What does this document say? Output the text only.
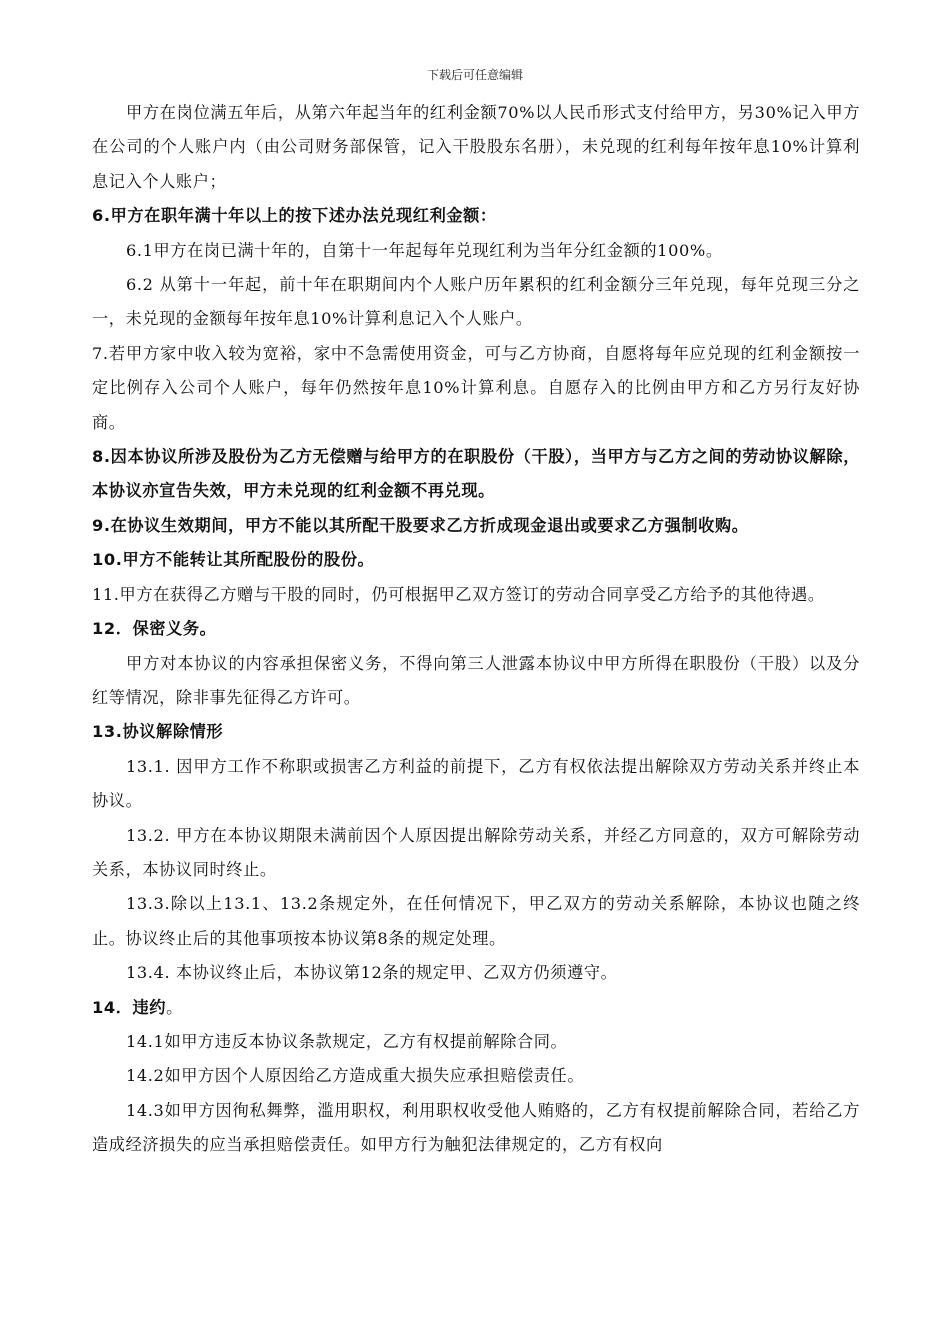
下载后可任意编辑

甲方在岗位满五年后，从第六年起当年的红利金额70%以人民币形式支付给甲方，另30%记入甲方在公司的个人账户内（由公司财务部保管，记入干股股东名册），未兑现的红利每年按年息10%计算利息记入个人账户；

6.甲方在职年满十年以上的按下述办法兑现红利金额：

6.1甲方在岗已满十年的，自第十一年起每年兑现红利为当年分红金额的100%。

6.2 从第十一年起，前十年在职期间内个人账户历年累积的红利金额分三年兑现，每年兑现三分之一，未兑现的金额每年按年息10%计算利息记入个人账户。

7.若甲方家中收入较为宽裕，家中不急需使用资金，可与乙方协商，自愿将每年应兑现的红利金额按一定比例存入公司个人账户，每年仍然按年息10%计算利息。自愿存入的比例由甲方和乙方另行友好协商。

8.因本协议所涉及股份为乙方无偿赠与给甲方的在职股份（干股），当甲方与乙方之间的劳动协议解除，本协议亦宣告失效，甲方未兑现的红利金额不再兑现。

9.在协议生效期间，甲方不能以其所配干股要求乙方折成现金退出或要求乙方强制收购。

10.甲方不能转让其所配股份的股份。

11.甲方在获得乙方赠与干股的同时，仍可根据甲乙双方签订的劳动合同享受乙方给予的其他待遇。

12．保密义务。

甲方对本协议的内容承担保密义务，不得向第三人泄露本协议中甲方所得在职股份（干股）以及分红等情况，除非事先征得乙方许可。

13.协议解除情形

13.1. 因甲方工作不称职或损害乙方利益的前提下，乙方有权依法提出解除双方劳动关系并终止本协议。

13.2. 甲方在本协议期限未满前因个人原因提出解除劳动关系，并经乙方同意的，双方可解除劳动关系，本协议同时终止。

13.3.除以上13.1、13.2条规定外，在任何情况下，甲乙双方的劳动关系解除，本协议也随之终止。协议终止后的其他事项按本协议第8条的规定处理。

13.4. 本协议终止后，本协议第12条的规定甲、乙双方仍须遵守。

14．违约。

14.1如甲方违反本协议条款规定，乙方有权提前解除合同。

14.2如甲方因个人原因给乙方造成重大损失应承担赔偿责任。

14.3如甲方因徇私舞弊，滥用职权，利用职权收受他人贿赂的，乙方有权提前解除合同，若给乙方造成经济损失的应当承担赔偿责任。如甲方行为触犯法律规定的，乙方有权向
